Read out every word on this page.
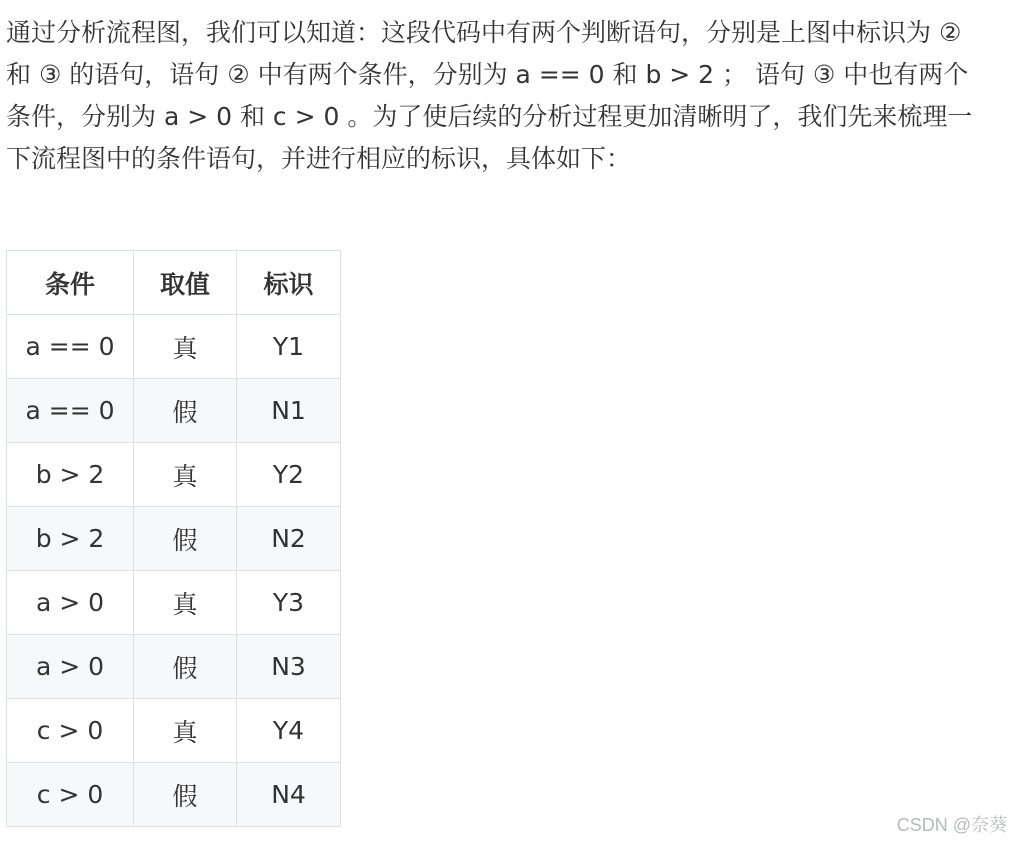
通过分析流程图，我们可以知道：这段代码中有两个判断语句，分别是上图中标识为 ② 和 ③ 的语句，语句 ② 中有两个条件，分别为 a == 0 和 b > 2 ； 语句 ③ 中也有两个条件，分别为 a > 0 和 c > 0 。为了使后续的分析过程更加清晰明了，我们先来梳理一下流程图中的条件语句，并进行相应的标识，具体如下：

条件	取值	标识
a == 0	真	Y1
a == 0	假	N1
b > 2	真	Y2
b > 2	假	N2
a > 0	真	Y3
a > 0	假	N3
c > 0	真	Y4
c > 0	假	N4
CSDN @奈葵
